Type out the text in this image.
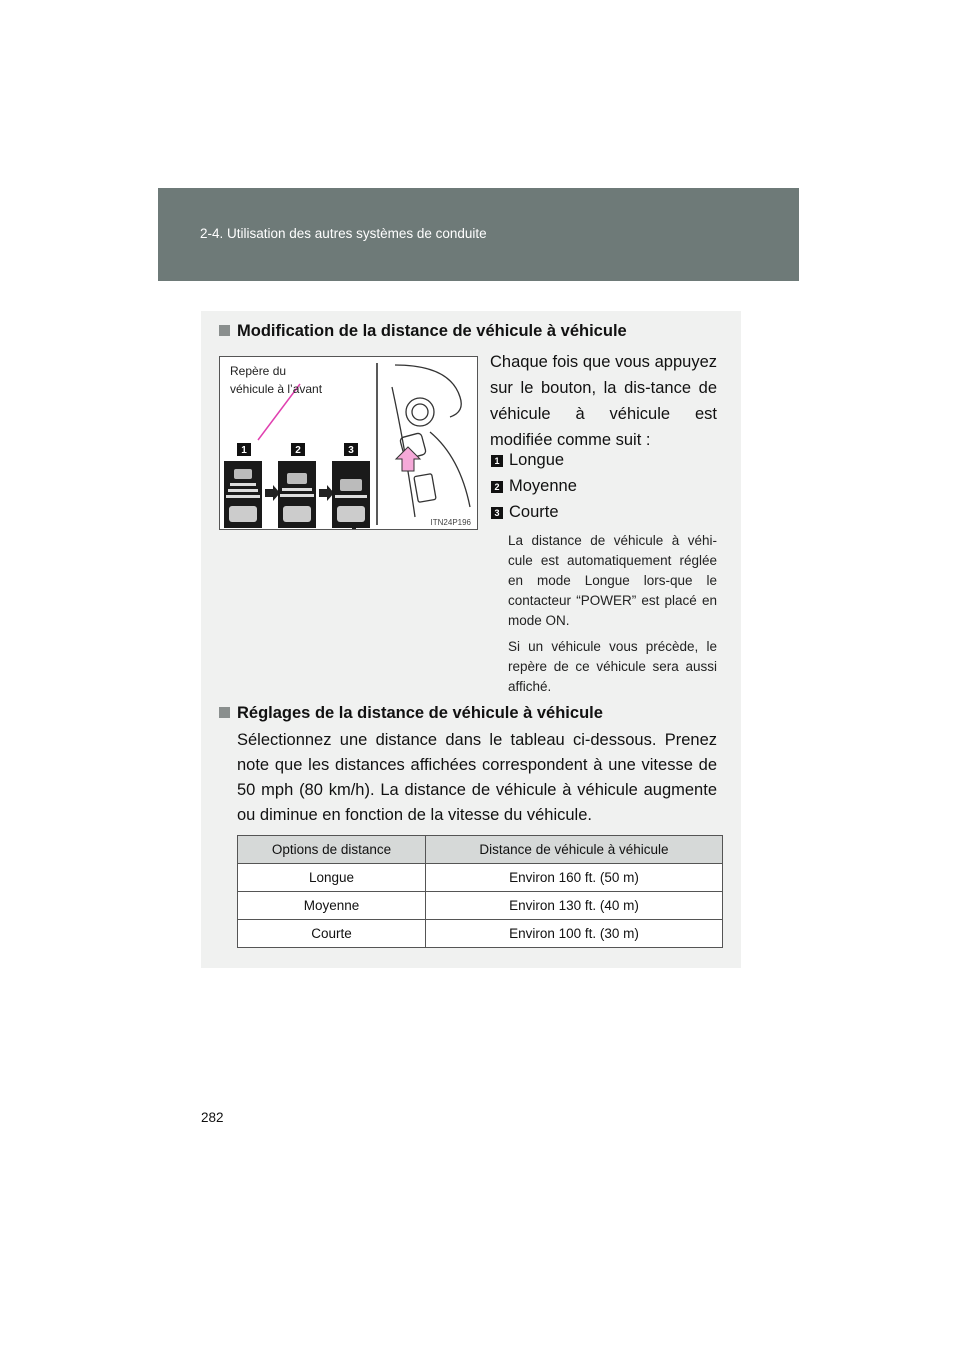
2-4. Utilisation des autres systèmes de conduite
Modification de la distance de véhicule à véhicule
1	2	3
Repère du
véhicule à l’avant
ITN24P196
Chaque fois que vous appuyez sur le bouton, la dis-tance de véhicule à véhicule est modifiée comme suit :
1 Longue
2 Moyenne
3 Courte
La distance de véhicule à véhi-cule est automatiquement réglée en mode Longue lors-que le contacteur “POWER” est placé en mode ON.
Si un véhicule vous précède, le repère de ce véhicule sera aussi affiché.
Réglages de la distance de véhicule à véhicule
Sélectionnez une distance dans le tableau ci-dessous. Prenez note que les distances affichées correspondent à une vitesse de 50 mph (80 km/h). La distance de véhicule à véhicule augmente ou diminue en fonction de la vitesse du véhicule.
Options de distance	Distance de véhicule à véhicule
Longue	Environ 160 ft. (50 m)
Moyenne	Environ 130 ft. (40 m)
Courte	Environ 100 ft. (30 m)
282
